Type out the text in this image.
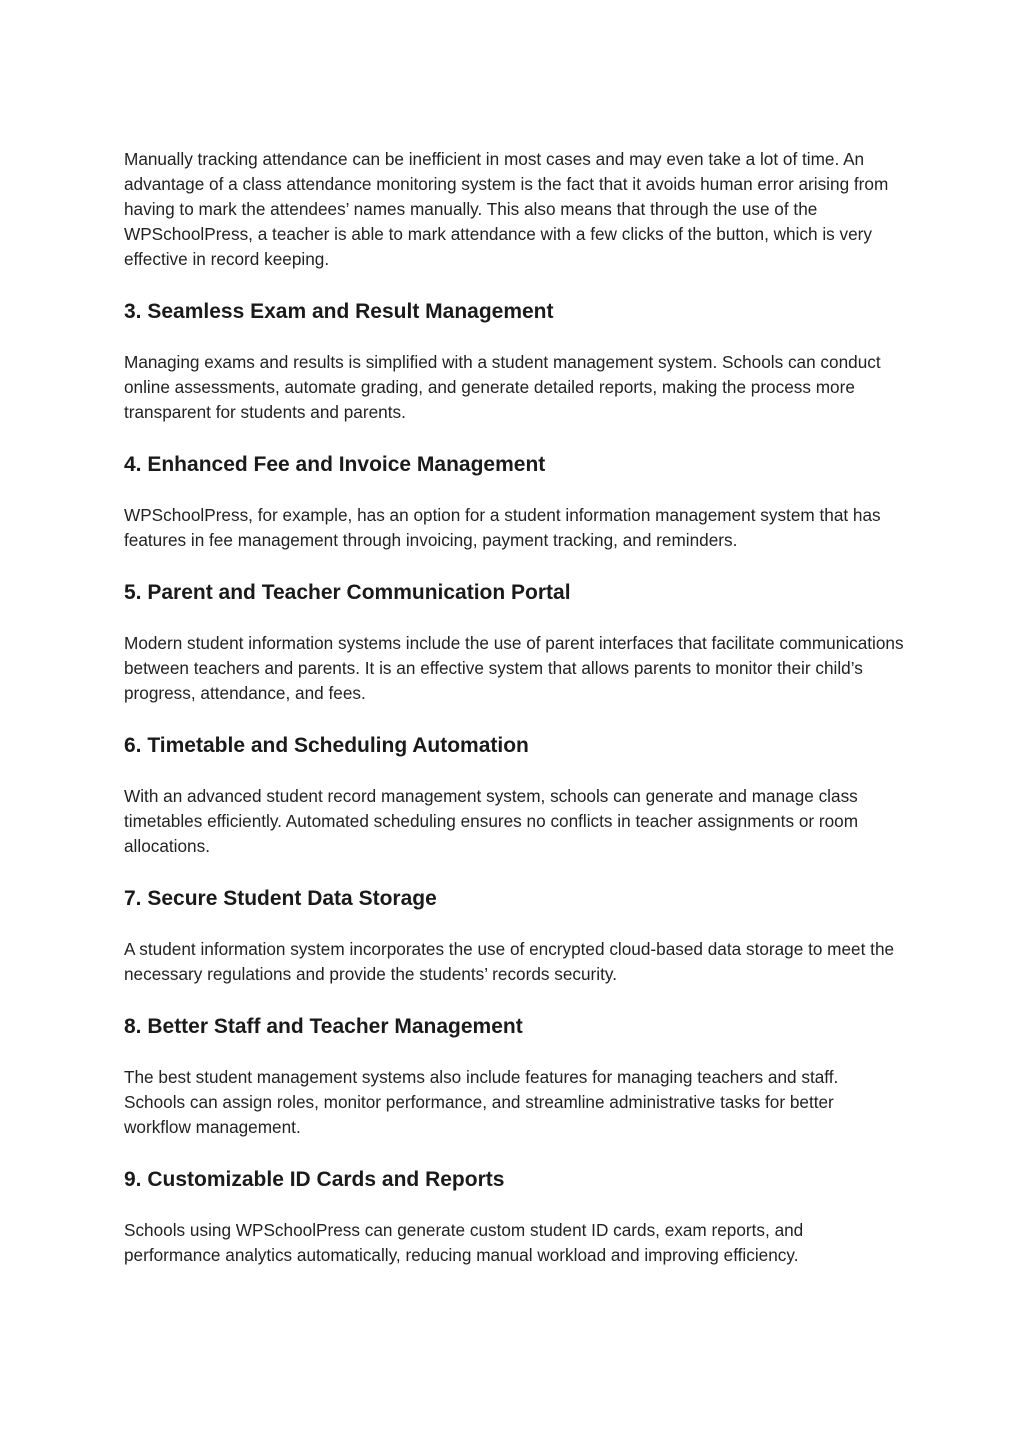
Manually tracking attendance can be inefficient in most cases and may even take a lot of time. An advantage of a class attendance monitoring system is the fact that it avoids human error arising from having to mark the attendees’ names manually. This also means that through the use of the WPSchoolPress, a teacher is able to mark attendance with a few clicks of the button, which is very effective in record keeping.

3. Seamless Exam and Result Management

Managing exams and results is simplified with a student management system. Schools can conduct online assessments, automate grading, and generate detailed reports, making the process more transparent for students and parents.

4. Enhanced Fee and Invoice Management

WPSchoolPress, for example, has an option for a student information management system that has features in fee management through invoicing, payment tracking, and reminders.

5. Parent and Teacher Communication Portal

Modern student information systems include the use of parent interfaces that facilitate communications between teachers and parents. It is an effective system that allows parents to monitor their child’s progress, attendance, and fees.

6. Timetable and Scheduling Automation

With an advanced student record management system, schools can generate and manage class timetables efficiently. Automated scheduling ensures no conflicts in teacher assignments or room allocations.

7. Secure Student Data Storage

A student information system incorporates the use of encrypted cloud-based data storage to meet the necessary regulations and provide the students’ records security.

8. Better Staff and Teacher Management

The best student management systems also include features for managing teachers and staff. Schools can assign roles, monitor performance, and streamline administrative tasks for better workflow management.

9. Customizable ID Cards and Reports

Schools using WPSchoolPress can generate custom student ID cards, exam reports, and performance analytics automatically, reducing manual workload and improving efficiency.
